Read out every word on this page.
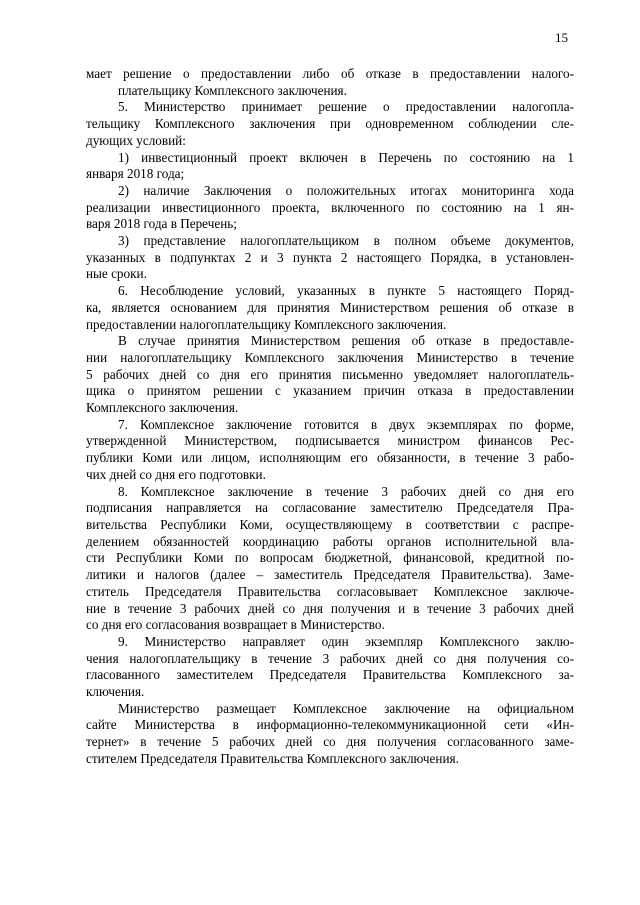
15
мает решение о предоставлении либо об отказе в предоставлении налого-
плательщику Комплексного заключения.
5. Министерство принимает решение о предоставлении налогопла-
тельщику Комплексного заключения при одновременном соблюдении сле-
дующих условий:
1) инвестиционный проект включен в Перечень по состоянию на 1
января 2018 года;
2) наличие Заключения о положительных итогах мониторинга хода
реализации инвестиционного проекта, включенного по состоянию на 1 ян-
варя 2018 года в Перечень;
3) представление налогоплательщиком в полном объеме документов,
указанных в подпунктах 2 и 3 пункта 2 настоящего Порядка, в установлен-
ные сроки.
6. Несоблюдение условий, указанных в пункте 5 настоящего Поряд-
ка, является основанием для принятия Министерством решения об отказе в
предоставлении налогоплательщику Комплексного заключения.
В случае принятия Министерством решения об отказе в предоставле-
нии налогоплательщику Комплексного заключения Министерство в течение
5 рабочих дней со дня его принятия письменно уведомляет налогоплатель-
щика о принятом решении с указанием причин отказа в предоставлении
Комплексного заключения.
7. Комплексное заключение готовится в двух экземплярах по форме,
утвержденной Министерством, подписывается министром финансов Рес-
публики Коми или лицом, исполняющим его обязанности, в течение 3 рабо-
чих дней со дня его подготовки.
8. Комплексное заключение в течение 3 рабочих дней со дня его
подписания направляется на согласование заместителю Председателя Пра-
вительства Республики Коми, осуществляющему в соответствии с распре-
делением обязанностей координацию работы органов исполнительной вла-
сти Республики Коми по вопросам бюджетной, финансовой, кредитной по-
литики и налогов (далее – заместитель Председателя Правительства). Заме-
ститель Председателя Правительства согласовывает Комплексное заключе-
ние в течение 3 рабочих дней со дня получения и в течение 3 рабочих дней
со дня его согласования возвращает в Министерство.
9. Министерство направляет один экземпляр Комплексного заклю-
чения налогоплательщику в течение 3 рабочих дней со дня получения со-
гласованного заместителем Председателя Правительства Комплексного за-
ключения.
Министерство размещает Комплексное заключение на официальном
сайте Министерства в информационно-телекоммуникационной сети «Ин-
тернет» в течение 5 рабочих дней со дня получения согласованного заме-
стителем Председателя Правительства Комплексного заключения.
